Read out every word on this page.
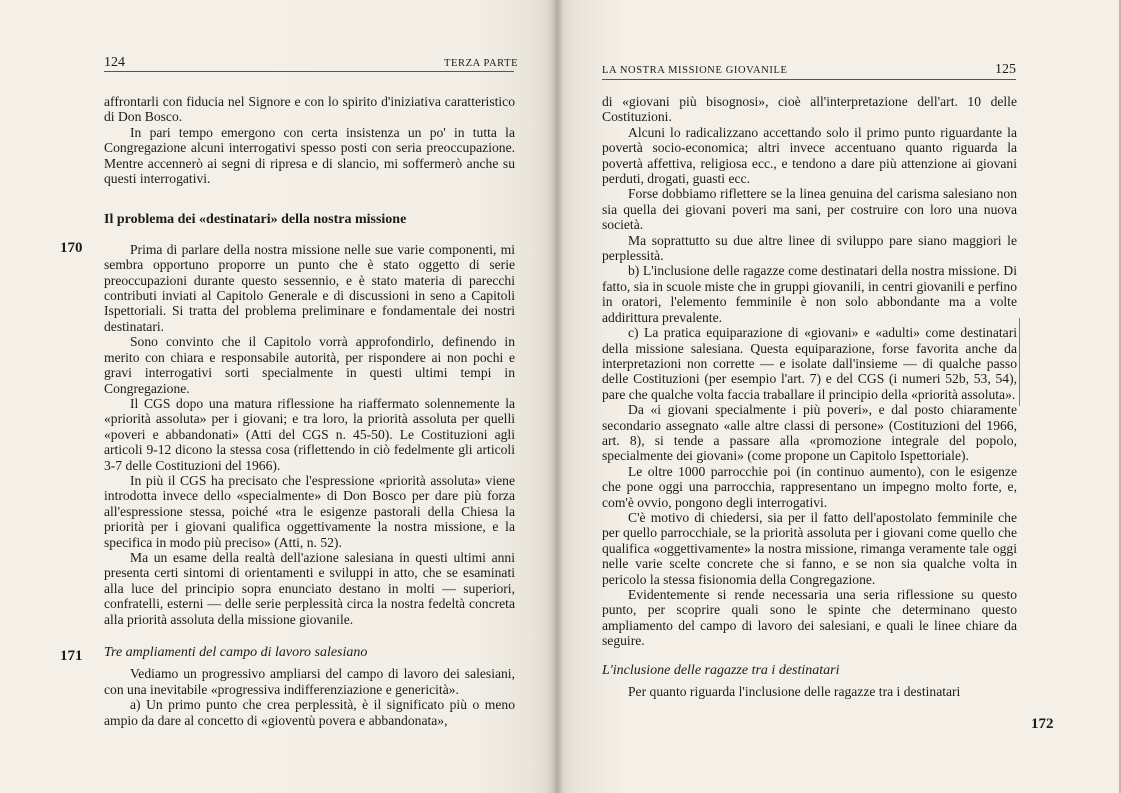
124	TERZA PARTE

affrontarli con fiducia nel Signore e con lo spirito d'iniziativa caratteristico di Don Bosco.

In pari tempo emergono con certa insistenza un po' in tutta la Congregazione alcuni interrogativi spesso posti con seria preoccupazione. Mentre accennerò ai segni di ripresa e di slancio, mi soffermerò anche su questi interrogativi.

Il problema dei «destinatari» della nostra missione

Prima di parlare della nostra missione nelle sue varie componenti, mi sembra opportuno proporre un punto che è stato oggetto di serie preoccupazioni durante questo sessennio, e è stato materia di parecchi contributi inviati al Capitolo Generale e di discussioni in seno a Capitoli Ispettoriali. Si tratta del problema preliminare e fondamentale dei nostri destinatari.

Sono convinto che il Capitolo vorrà approfondirlo, definendo in merito con chiara e responsabile autorità, per rispondere ai non pochi e gravi interrogativi sorti specialmente in questi ultimi tempi in Congregazione.

Il CGS dopo una matura riflessione ha riaffermato solennemente la «priorità assoluta» per i giovani; e tra loro, la priorità assoluta per quelli «poveri e abbandonati» (Atti del CGS n. 45-50). Le Costituzioni agli articoli 9-12 dicono la stessa cosa (riflettendo in ciò fedelmente gli articoli 3-7 delle Costituzioni del 1966).

In più il CGS ha precisato che l'espressione «priorità assoluta» viene introdotta invece dello «specialmente» di Don Bosco per dare più forza all'espressione stessa, poiché «tra le esigenze pastorali della Chiesa la priorità per i giovani qualifica oggettivamente la nostra missione, e la specifica in modo più preciso» (Atti, n. 52).

Ma un esame della realtà dell'azione salesiana in questi ultimi anni presenta certi sintomi di orientamenti e sviluppi in atto, che se esaminati alla luce del principio sopra enunciato destano in molti — superiori, confratelli, esterni — delle serie perplessità circa la nostra fedeltà concreta alla priorità assoluta della missione giovanile.

Tre ampliamenti del campo di lavoro salesiano

Vediamo un progressivo ampliarsi del campo di lavoro dei salesiani, con una inevitabile «progressiva indifferenziazione e genericità».

a) Un primo punto che crea perplessità, è il significato più o meno ampio da dare al concetto di «gioventù povera e abbandonata»,

170
171
LA NOSTRA MISSIONE GIOVANILE	125

di «giovani più bisognosi», cioè all'interpretazione dell'art. 10 delle Costituzioni.

Alcuni lo radicalizzano accettando solo il primo punto riguardante la povertà socio-economica; altri invece accentuano quanto riguarda la povertà affettiva, religiosa ecc., e tendono a dare più attenzione ai giovani perduti, drogati, guasti ecc.

Forse dobbiamo riflettere se la linea genuina del carisma salesiano non sia quella dei giovani poveri ma sani, per costruire con loro una nuova società.

Ma soprattutto su due altre linee di sviluppo pare siano maggiori le perplessità.

b) L'inclusione delle ragazze come destinatari della nostra missione. Di fatto, sia in scuole miste che in gruppi giovanili, in centri giovanili e perfino in oratori, l'elemento femminile è non solo abbondante ma a volte addirittura prevalente.

c) La pratica equiparazione di «giovani» e «adulti» come destinatari della missione salesiana. Questa equiparazione, forse favorita anche da interpretazioni non corrette — e isolate dall'insieme — di qualche passo delle Costituzioni (per esempio l'art. 7) e del CGS (i numeri 52b, 53, 54), pare che qualche volta faccia traballare il principio della «priorità assoluta».

Da «i giovani specialmente i più poveri», e dal posto chiaramente secondario assegnato «alle altre classi di persone» (Costituzioni del 1966, art. 8), si tende a passare alla «promozione integrale del popolo, specialmente dei giovani» (come propone un Capitolo Ispettoriale).

Le oltre 1000 parrocchie poi (in continuo aumento), con le esigenze che pone oggi una parrocchia, rappresentano un impegno molto forte, e, com'è ovvio, pongono degli interrogativi.

C'è motivo di chiedersi, sia per il fatto dell'apostolato femminile che per quello parrocchiale, se la priorità assoluta per i giovani come quello che qualifica «oggettivamente» la nostra missione, rimanga veramente tale oggi nelle varie scelte concrete che si fanno, e se non sia qualche volta in pericolo la stessa fisionomia della Congregazione.

Evidentemente si rende necessaria una seria riflessione su questo punto, per scoprire quali sono le spinte che determinano questo ampliamento del campo di lavoro dei salesiani, e quali le linee chiare da seguire.

L'inclusione delle ragazze tra i destinatari

Per quanto riguarda l'inclusione delle ragazze tra i destinatari

172
